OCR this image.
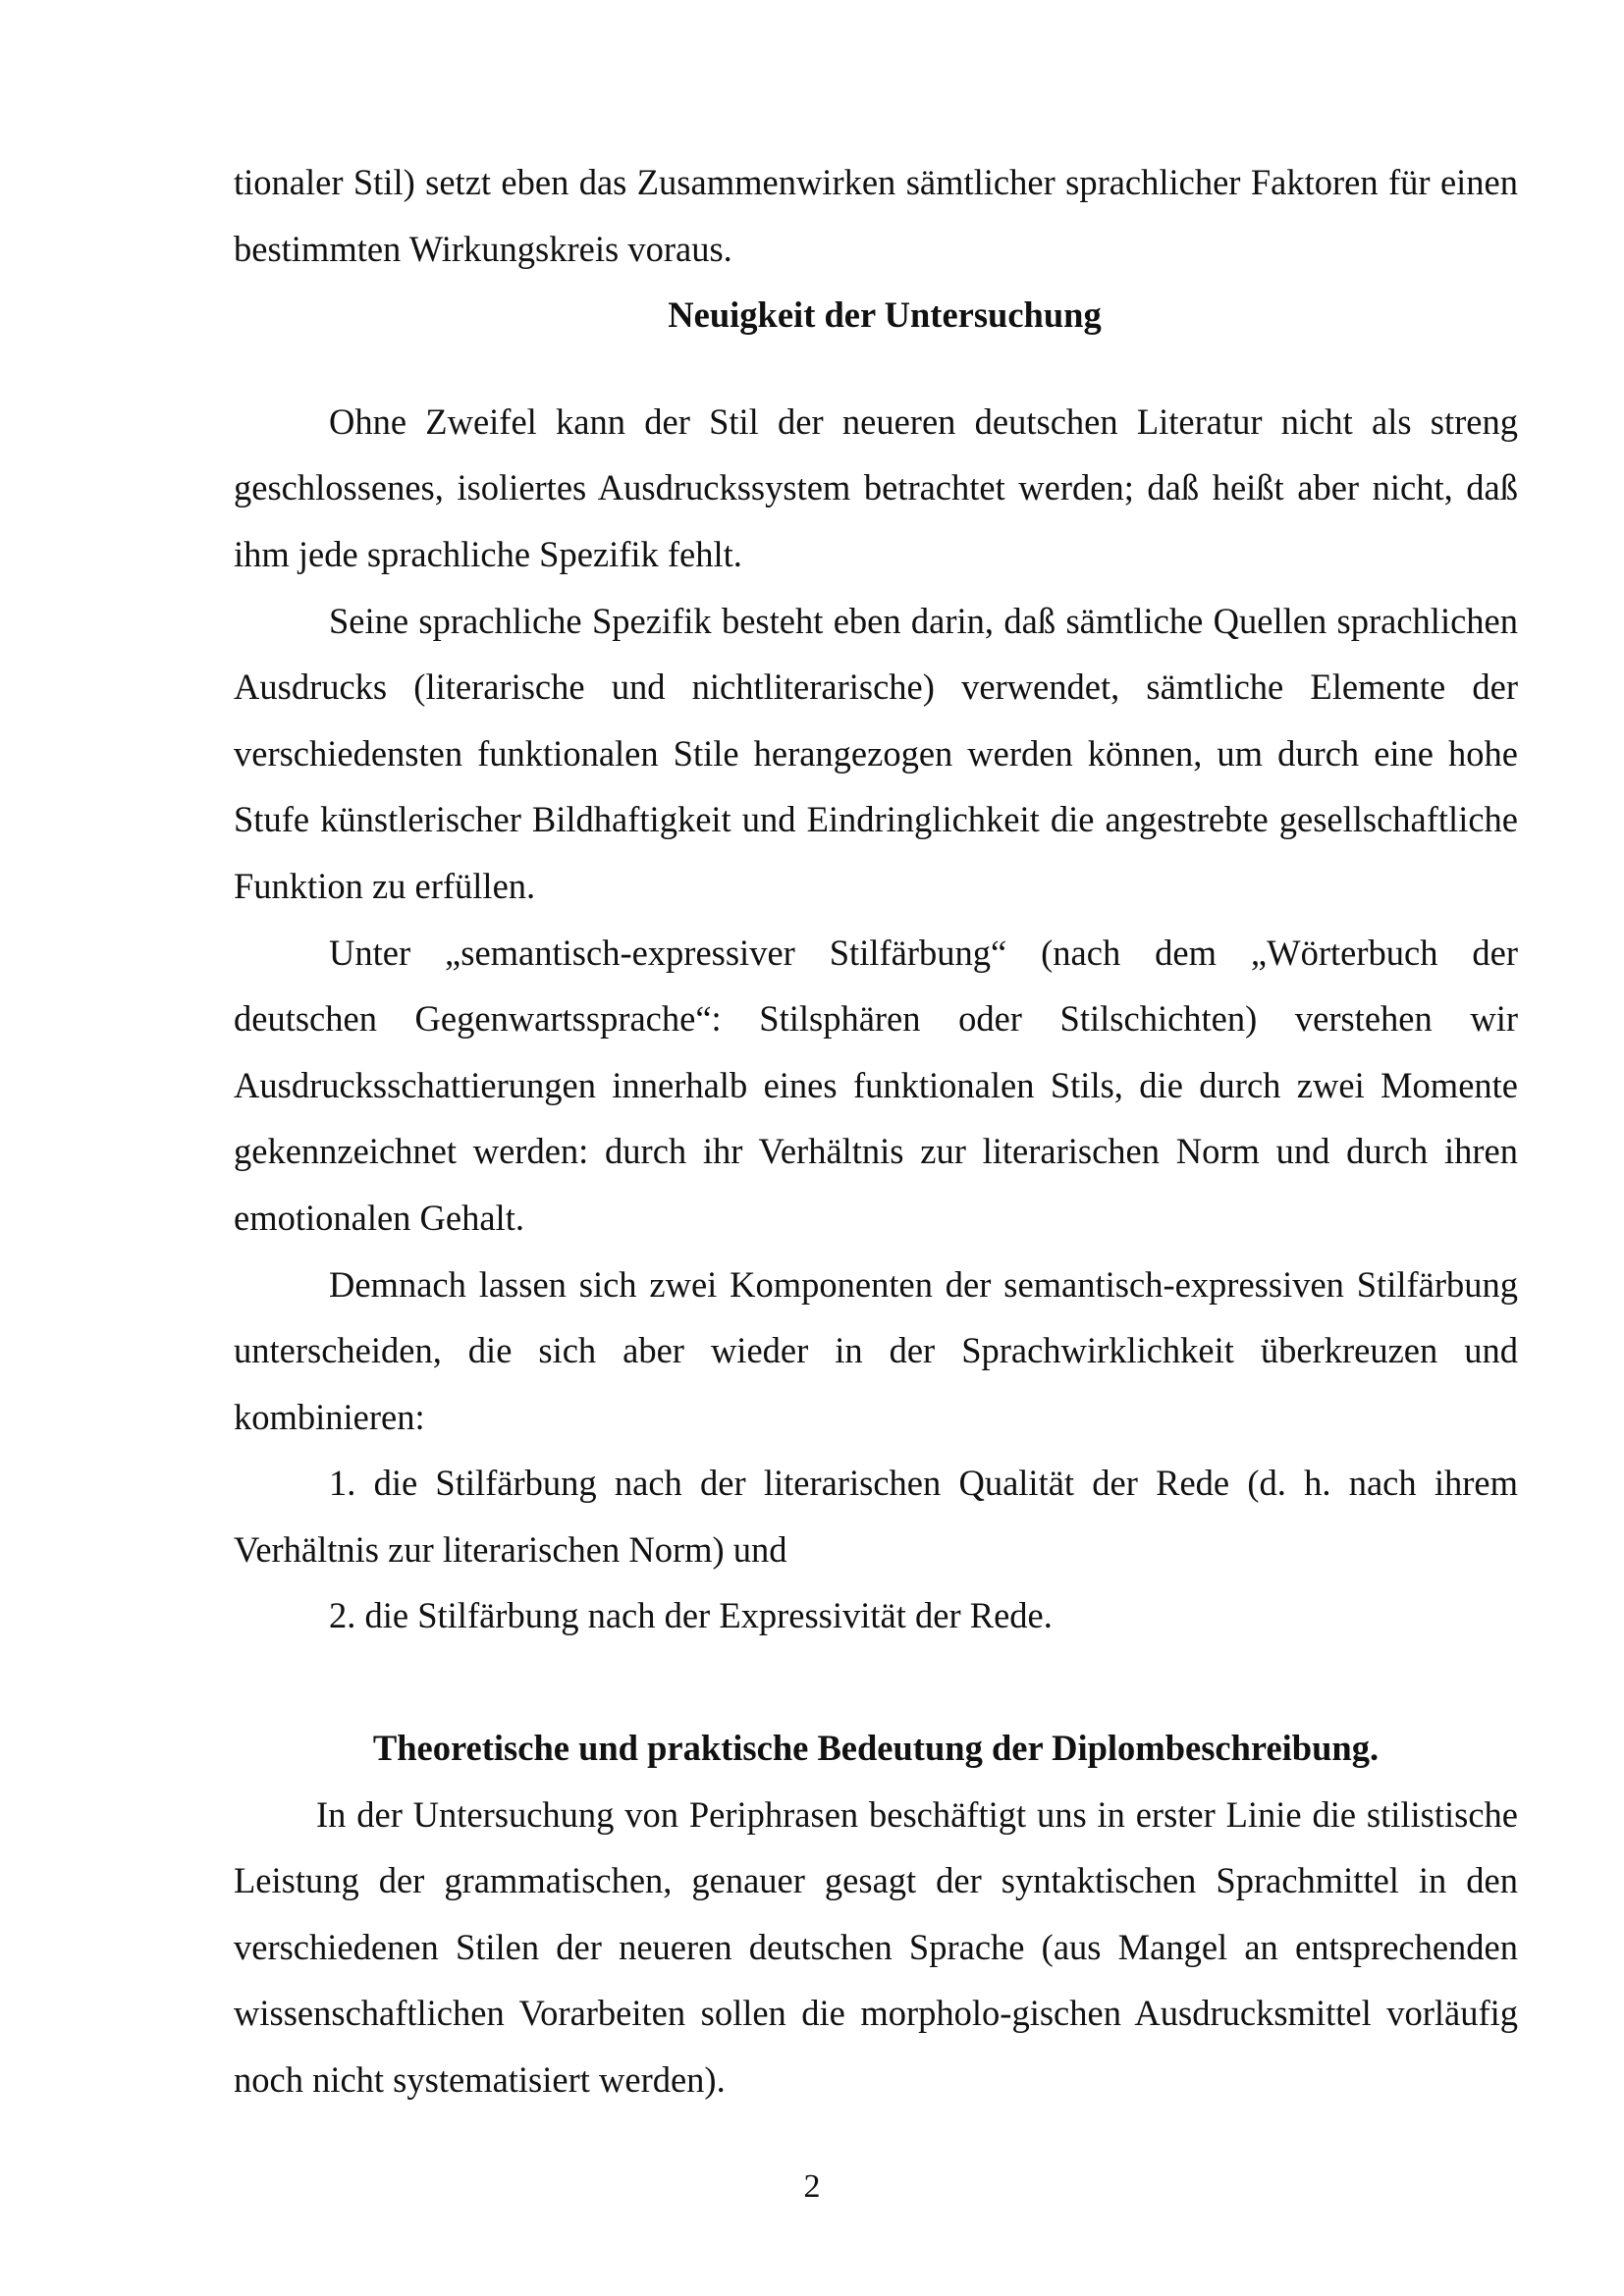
tionaler Stil) setzt eben das Zusammenwirken sämtlicher sprachlicher Faktoren für einen bestimmten Wirkungskreis voraus.

Neuigkeit der Untersuchung

Ohne Zweifel kann der Stil der neueren deutschen Literatur nicht als streng geschlossenes, isoliertes Ausdruckssystem betrachtet werden; daß heißt aber nicht, daß ihm jede sprachliche Spezifik fehlt.

Seine sprachliche Spezifik besteht eben darin, daß sämtliche Quellen sprachlichen Ausdrucks (literarische und nichtliterarische) verwendet, sämtliche Elemente der verschiedensten funktionalen Stile herangezogen werden können, um durch eine hohe Stufe künstlerischer Bildhaftigkeit und Eindringlichkeit die angestrebte gesellschaftliche Funktion zu erfüllen.

Unter „semantisch-expressiver Stilfärbung“ (nach dem „Wörterbuch der deutschen Gegenwartssprache“: Stilsphären oder Stilschichten) verstehen wir Ausdrucksschattierungen innerhalb eines funktionalen Stils, die durch zwei Momente gekennzeichnet werden: durch ihr Verhältnis zur literarischen Norm und durch ihren emotionalen Gehalt.

Demnach lassen sich zwei Komponenten der semantisch-expressiven Stilfärbung unterscheiden, die sich aber wieder in der Sprachwirklichkeit überkreuzen und kombinieren:

1. die Stilfärbung nach der literarischen Qualität der Rede (d. h. nach ihrem Verhältnis zur literarischen Norm) und

2. die Stilfärbung nach der Expressivität der Rede.

Theoretische und praktische Bedeutung der Diplombeschreibung.

In der Untersuchung von Periphrasen beschäftigt uns in erster Linie die stilistische Leistung der grammatischen, genauer gesagt der syntaktischen Sprachmittel in den verschiedenen Stilen der neueren deutschen Sprache (aus Mangel an entsprechenden wissenschaftlichen Vorarbeiten sollen die morpholo-gischen Ausdrucksmittel vorläufig noch nicht systematisiert werden).

2
